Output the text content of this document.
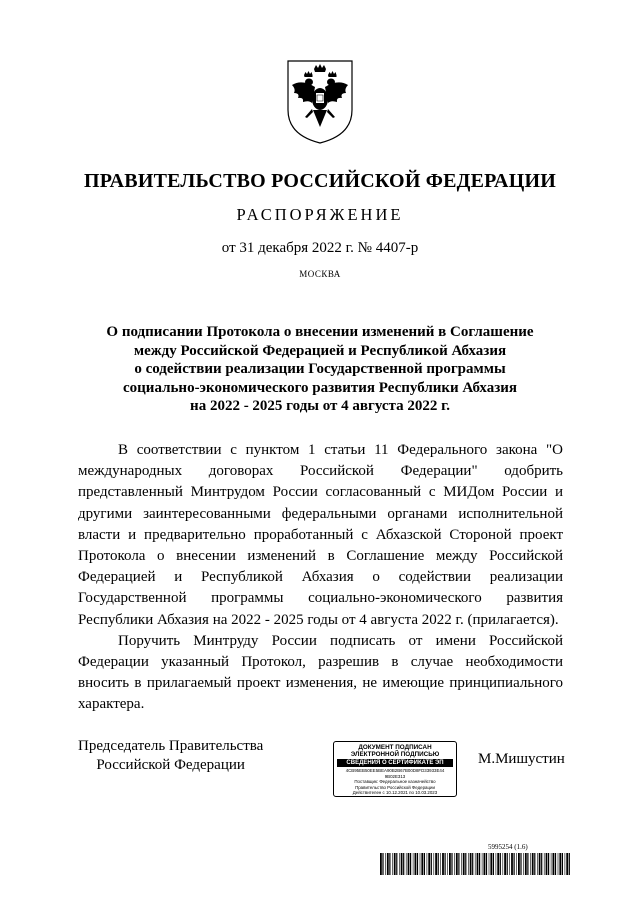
ПРАВИТЕЛЬСТВО РОССИЙСКОЙ ФЕДЕРАЦИИ
РАСПОРЯЖЕНИЕ
от 31 декабря 2022 г. № 4407-р
МОСКВА
О подписании Протокола о внесении изменений в Соглашение
между Российской Федерацией и Республикой Абхазия
о содействии реализации Государственной программы
социально-экономического развития Республики Абхазия
на 2022 - 2025 годы от 4 августа 2022 г.

В соответствии с пунктом 1 статьи 11 Федерального закона "О международных договорах Российской Федерации" одобрить представленный Минтрудом России согласованный с МИДом России и другими заинтересованными федеральными органами исполнительной власти и предварительно проработанный с Абхазской Стороной проект Протокола о внесении изменений в Соглашение между Российской Федерацией и Республикой Абхазия о содействии реализации Государственной программы социально-экономического развития Республики Абхазия на 2022 - 2025 годы от 4 августа 2022 г. (прилагается).

Поручить Минтруду России подписать от имени Российской Федерации указанный Протокол, разрешив в случае необходимости вносить в прилагаемый проект изменения, не имеющие принципиального характера.

Председатель Правительства
Российской Федерации
ДОКУМЕНТ ПОДПИСАН
ЭЛЕКТРОННОЙ ПОДПИСЬЮ
СВЕДЕНИЯ О СЕРТИФИКАТЕ ЭП
4CB95EB50EE5BEA90B2B67B00D8FD33933E44 9B02E313
Поставщик: Федеральное казначейство
Правительство Российской Федерации
Действителен с 10.12.2021 по 10.03.2023
М.Мишустин
5995254 (1.6)
